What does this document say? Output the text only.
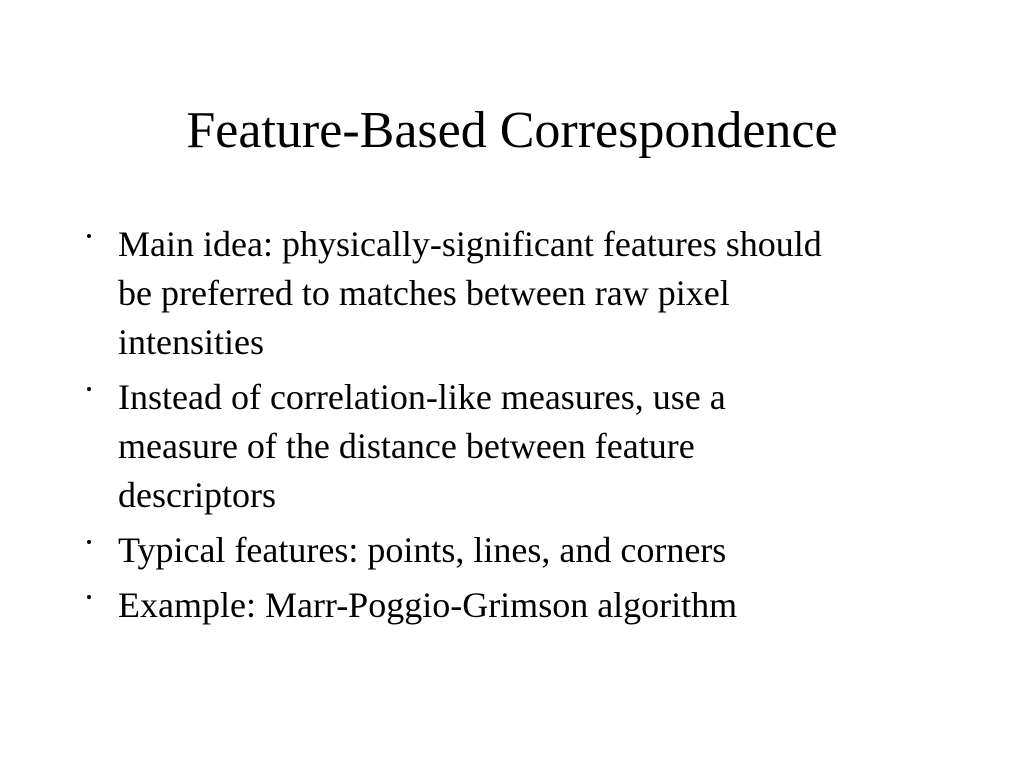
Feature-Based Correspondence
Main idea: physically-significant features should
be preferred to matches between raw pixel
intensities
Instead of correlation-like measures, use a
measure of the distance between feature
descriptors
Typical features: points, lines, and corners
Example: Marr-Poggio-Grimson algorithm
